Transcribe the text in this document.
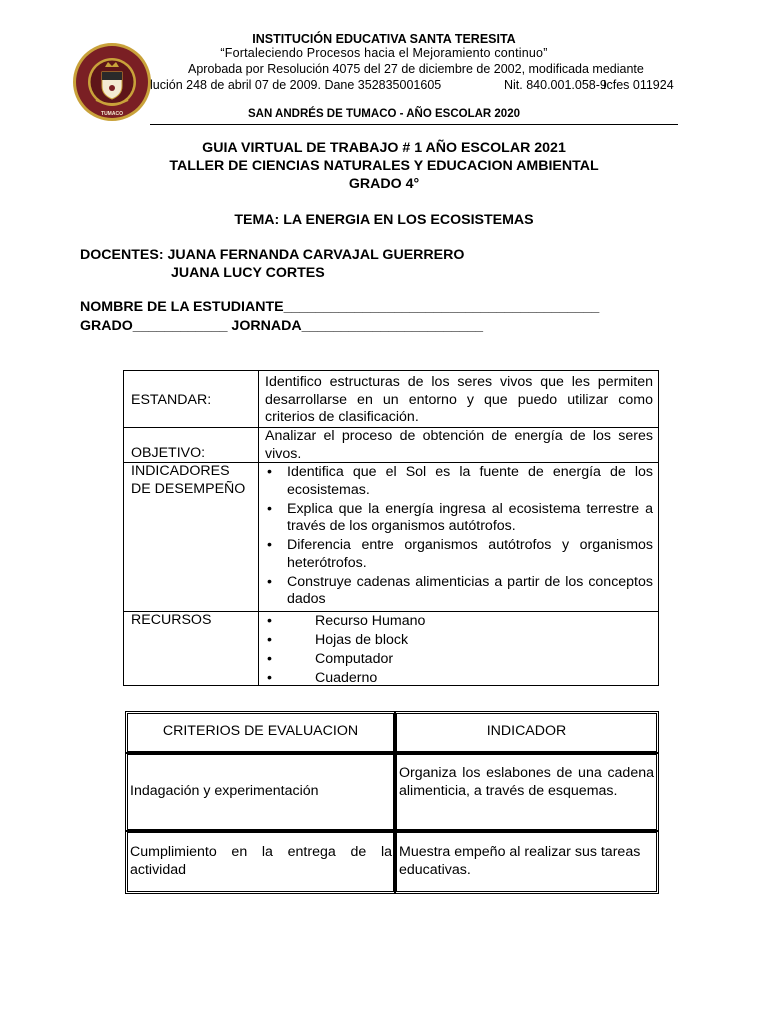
TUMACO
INSTITUCIÓN EDUCATIVA SANTA TERESITA
“Fortaleciendo Procesos hacia el Mejoramiento continuo”
Aprobada por Resolución 4075 del 27 de diciembre de 2002, modificada mediante
lución 248 de abril 07 de 2009. Dane 352835001605	Nit. 840.001.058-9
Icfes 011924
SAN ANDRÉS DE TUMACO - AÑO ESCOLAR 2020
GUIA VIRTUAL DE TRABAJO # 1 AÑO ESCOLAR 2021
TALLER DE CIENCIAS NATURALES Y EDUCACION AMBIENTAL
GRADO 4°
TEMA: LA ENERGIA EN LOS ECOSISTEMAS
DOCENTES: JUANA FERNANDA CARVAJAL GUERRERO
JUANA LUCY CORTES
NOMBRE DE LA ESTUDIANTE________________________________________
GRADO____________ JORNADA_______________________
ESTANDAR:
Identifico estructuras de los seres vivos que les permiten desarrollarse en un entorno y que puedo utilizar como criterios de clasificación.
OBJETIVO:
Analizar el proceso de obtención de energía de los seres vivos.
INDICADORES
DE DESEMPEÑO
• Identifica que el Sol es la fuente de energía de los ecosistemas.
• Explica que la energía ingresa al ecosistema terrestre a través de los organismos autótrofos.
• Diferencia entre organismos autótrofos y organismos heterótrofos.
• Construye cadenas alimenticias a partir de los conceptos dados
RECURSOS
•	Recurso Humano
• Hojas de block
• Computador
• Cuaderno
CRITERIOS DE EVALUACION	INDICADOR
Indagación y experimentación
Organiza los eslabones de una cadena alimenticia, a través de esquemas.
Cumplimiento en la entrega de la actividad
Muestra empeño al realizar sus tareas educativas.
